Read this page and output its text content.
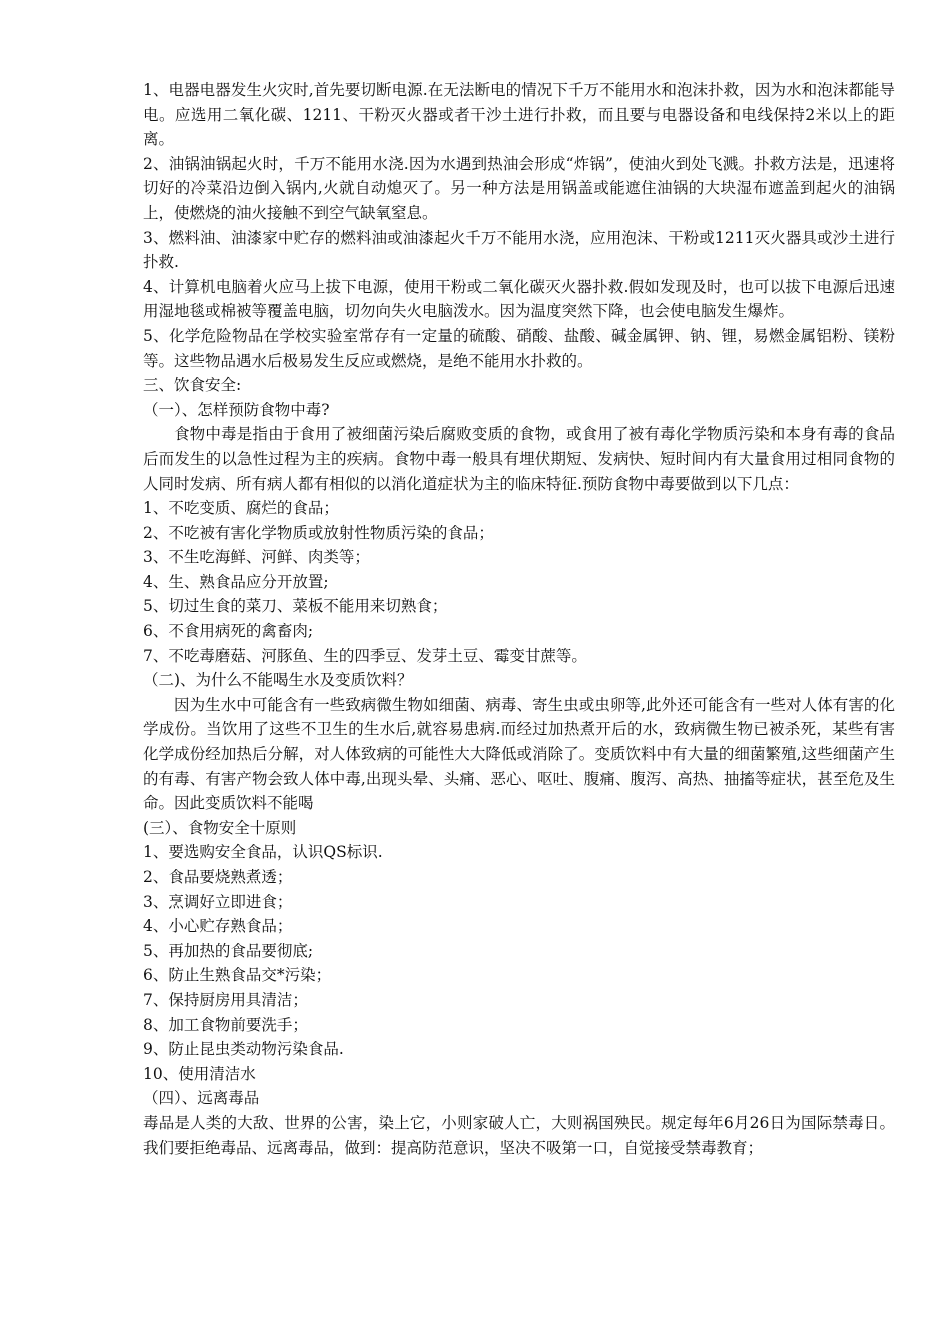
1、电器电器发生火灾时,首先要切断电源.在无法断电的情况下千万不能用水和泡沫扑救，因为水和泡沫都能导电。应选用二氧化碳、1211、干粉灭火器或者干沙土进行扑救，而且要与电器设备和电线保持2米以上的距离。

2、油锅油锅起火时，千万不能用水浇.因为水遇到热油会形成“炸锅”，使油火到处飞溅。扑救方法是，迅速将切好的冷菜沿边倒入锅内,火就自动熄灭了。另一种方法是用锅盖或能遮住油锅的大块湿布遮盖到起火的油锅上，使燃烧的油火接触不到空气缺氧窒息。

3、燃料油、油漆家中贮存的燃料油或油漆起火千万不能用水浇，应用泡沫、干粉或1211灭火器具或沙土进行扑救.

4、计算机电脑着火应马上拔下电源，使用干粉或二氧化碳灭火器扑救.假如发现及时，也可以拔下电源后迅速用湿地毯或棉被等覆盖电脑，切勿向失火电脑泼水。因为温度突然下降，也会使电脑发生爆炸。

5、化学危险物品在学校实验室常存有一定量的硫酸、硝酸、盐酸、碱金属钾、钠、锂，易燃金属铝粉、镁粉等。这些物品遇水后极易发生反应或燃烧，是绝不能用水扑救的。

三、饮食安全:

（一）、怎样预防食物中毒?

食物中毒是指由于食用了被细菌污染后腐败变质的食物，或食用了被有毒化学物质污染和本身有毒的食品后而发生的以急性过程为主的疾病。食物中毒一般具有埋伏期短、发病快、短时间内有大量食用过相同食物的人同时发病、所有病人都有相似的以消化道症状为主的临床特征.预防食物中毒要做到以下几点：

1、不吃变质、腐烂的食品；

2、不吃被有害化学物质或放射性物质污染的食品；

3、不生吃海鲜、河鲜、肉类等；

4、生、熟食品应分开放置;

5、切过生食的菜刀、菜板不能用来切熟食；

6、不食用病死的禽畜肉;

7、不吃毒磨菇、河豚鱼、生的四季豆、发芽土豆、霉变甘蔗等。

（二)、为什么不能喝生水及变质饮料？

因为生水中可能含有一些致病微生物如细菌、病毒、寄生虫或虫卵等,此外还可能含有一些对人体有害的化学成份。当饮用了这些不卫生的生水后,就容易患病.而经过加热煮开后的水，致病微生物已被杀死，某些有害化学成份经加热后分解，对人体致病的可能性大大降低或消除了。变质饮料中有大量的细菌繁殖,这些细菌产生的有毒、有害产物会致人体中毒,出现头晕、头痛、恶心、呕吐、腹痛、腹泻、高热、抽搐等症状，甚至危及生命。因此变质饮料不能喝

(三）、食物安全十原则

1、要选购安全食品，认识QS标识.

2、食品要烧熟煮透；

3、烹调好立即进食；

4、小心贮存熟食品；

5、再加热的食品要彻底;

6、防止生熟食品交*污染；

7、保持厨房用具清洁；

8、加工食物前要洗手；

9、防止昆虫类动物污染食品.

10、使用清洁水

（四）、远离毒品

毒品是人类的大敌、世界的公害，染上它，小则家破人亡，大则祸国殃民。规定每年6月26日为国际禁毒日。我们要拒绝毒品、远离毒品，做到：提高防范意识，坚决不吸第一口，自觉接受禁毒教育；
